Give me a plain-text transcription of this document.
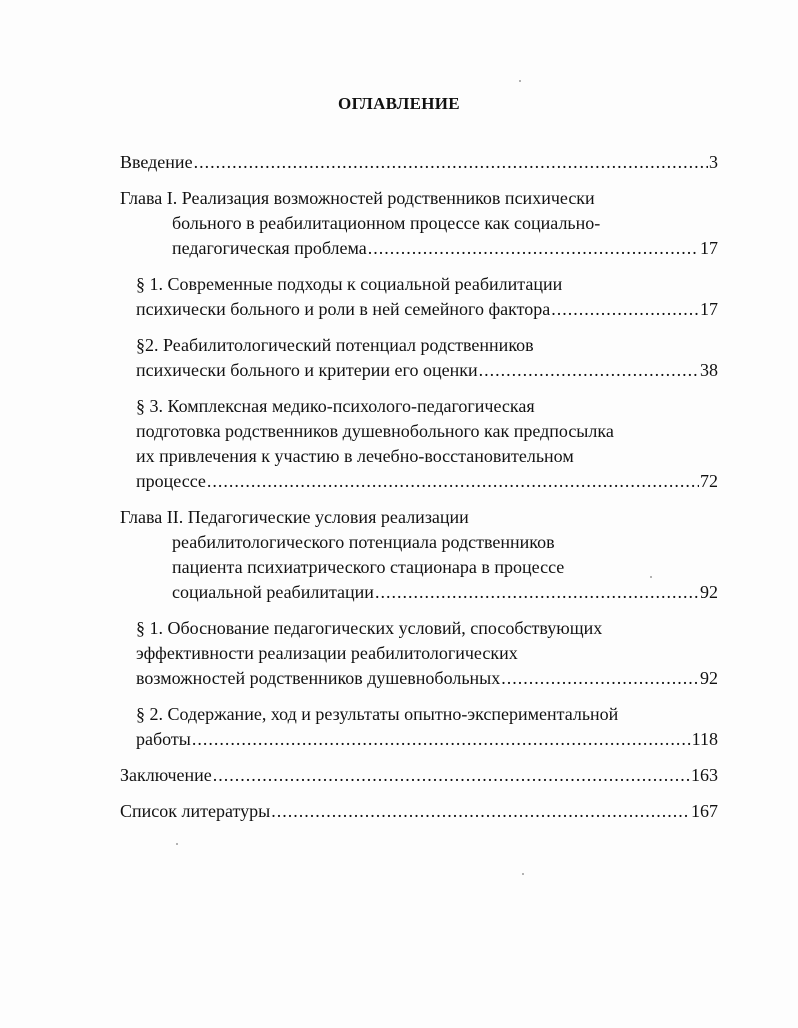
ОГЛАВЛЕНИЕ
Введение .....	3
Глава I. Реализация возможностей родственников психически
больного в реабилитационном процессе как социально-
педагогическая проблема .....	17
§ 1. Современные подходы к социальной реабилитации
психически больного и роли в ней семейного фактора .....	17
§2. Реабилитологический потенциал родственников
психически больного и критерии его оценки .....	38
§ 3. Комплексная медико-психолого-педагогическая
подготовка родственников душевнобольного как предпосылка
их привлечения к участию в лечебно-восстановительном
процессе .....	72
Глава II. Педагогические условия реализации
реабилитологического потенциала родственников
пациента психиатрического стационара в процессе
социальной реабилитации .....	92
§ 1. Обоснование педагогических условий, способствующих
эффективности реализации реабилитологических
возможностей родственников душевнобольных .....	92
§ 2. Содержание, ход и результаты опытно-экспериментальной
работы .....	118
Заключение .....	163
Список литературы .....	167
